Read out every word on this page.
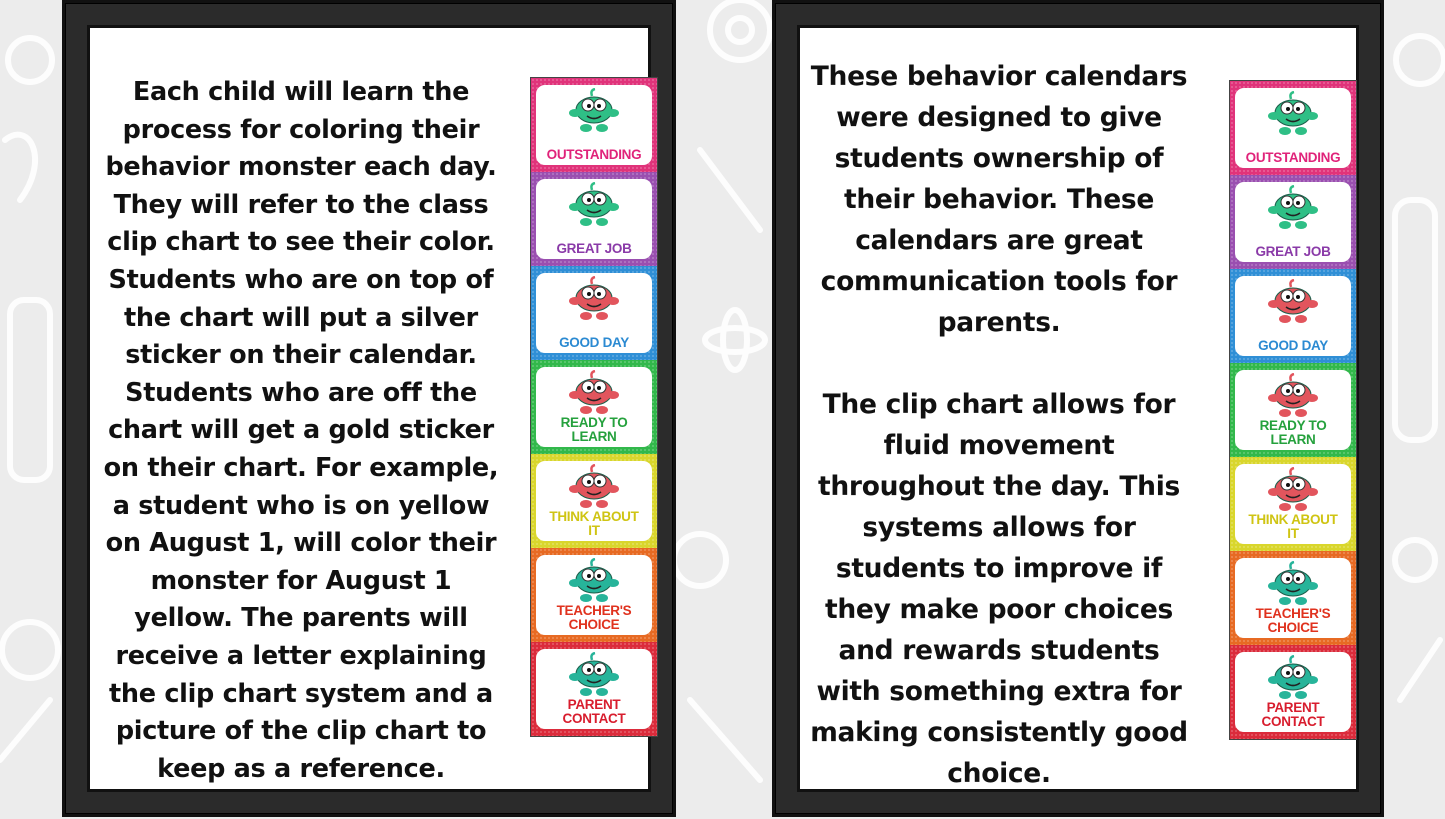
Each child will learn the process for coloring their behavior monster each day. They will refer to the class clip chart to see their color. Students who are on top of the chart will put a silver sticker on their calendar. Students who are off the chart will get a gold sticker on their chart. For example, a student who is on yellow on August 1, will color their monster for August 1 yellow. The parents will receive a letter explaining the clip chart system and a picture of the clip chart to keep as a reference.
OUTSTANDING
GREAT JOB
GOOD DAY
READY TO
LEARN
THINK ABOUT
IT
TEACHER'S
CHOICE
PARENT
CONTACT

These behavior calendars were designed to give students ownership of their behavior. These calendars are great communication tools for parents.

The clip chart allows for fluid movement throughout the day. This systems allows for students to improve if they make poor choices and rewards students with something extra for making consistently good choice.

OUTSTANDING
GREAT JOB
GOOD DAY
READY TO
LEARN
THINK ABOUT
IT
TEACHER'S
CHOICE
PARENT
CONTACT
